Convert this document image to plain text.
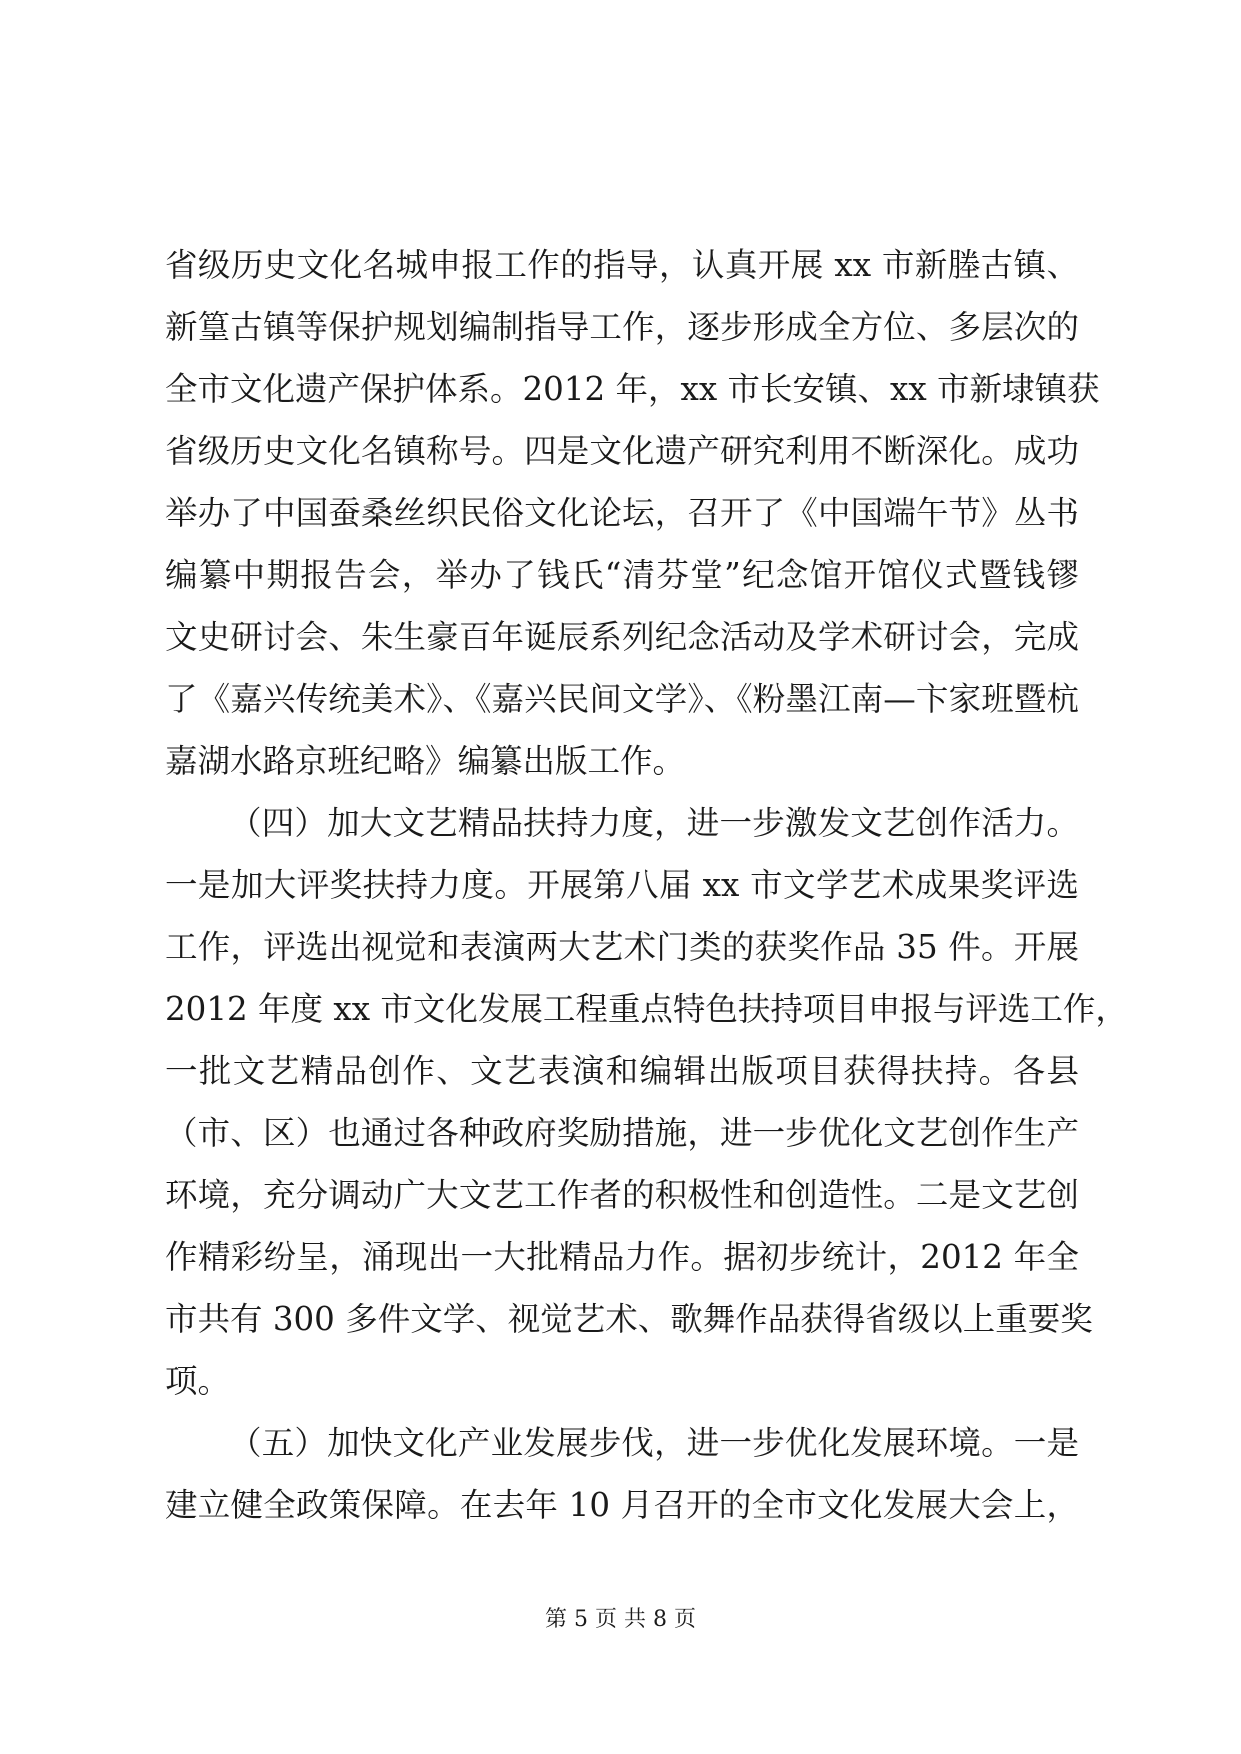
省级历史文化名城申报工作的指导，认真开展 xx 市新塍古镇、
新篁古镇等保护规划编制指导工作，逐步形成全方位、多层次的
全市文化遗产保护体系。2012 年，xx 市长安镇、xx 市新埭镇获
省级历史文化名镇称号。四是文化遗产研究利用不断深化。成功
举办了中国蚕桑丝织民俗文化论坛，召开了《中国端午节》丛书
编纂中期报告会，举办了钱氏“清芬堂”纪念馆开馆仪式暨钱镠
文史研讨会、朱生豪百年诞辰系列纪念活动及学术研讨会，完成
了《嘉兴传统美术》、《嘉兴民间文学》、《粉墨江南—卞家班暨杭
嘉湖水路京班纪略》编纂出版工作。
（四）加大文艺精品扶持力度，进一步激发文艺创作活力。
一是加大评奖扶持力度。开展第八届 xx 市文学艺术成果奖评选
工作，评选出视觉和表演两大艺术门类的获奖作品 35 件。开展
2012 年度 xx 市文化发展工程重点特色扶持项目申报与评选工作，
一批文艺精品创作、文艺表演和编辑出版项目获得扶持。各县
（市、区）也通过各种政府奖励措施，进一步优化文艺创作生产
环境，充分调动广大文艺工作者的积极性和创造性。二是文艺创
作精彩纷呈，涌现出一大批精品力作。据初步统计，2012 年全
市共有 300 多件文学、视觉艺术、歌舞作品获得省级以上重要奖
项。
（五）加快文化产业发展步伐，进一步优化发展环境。一是
建立健全政策保障。在去年 10 月召开的全市文化发展大会上，
第 5 页 共 8 页
